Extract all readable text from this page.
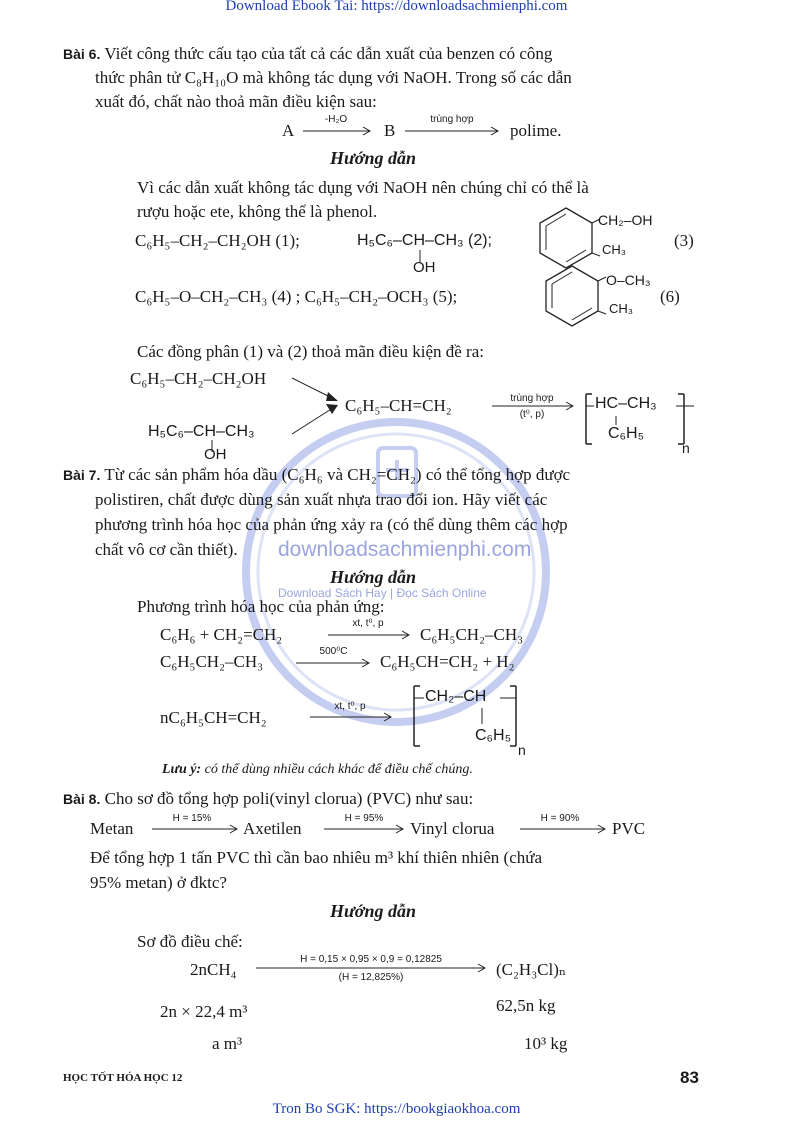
downloadsachmienphi.com
Download Sách Hay | Đọc Sách Online
Download Ebook Tai: https://downloadsachmienphi.com
Bài 6. Viết công thức cấu tạo của tất cả các dẫn xuất của benzen có công
thức phân tử C₈H₁₀O mà không tác dụng với NaOH. Trong số các dẫn
xuất đó, chất nào thoả mãn điều kiện sau:
A
-H₂O
B
trùng hợp
polime.
Hướng dẫn
Vì các dẫn xuất không tác dụng với NaOH nên chúng chỉ có thể là
rượu hoặc ete, không thể là phenol.
C₆H₅–CH₂–CH₂OH (1);	H₅C₆–CH–CH₃ (2);
OH
CH₂–OH
CH₃	(3)
C₆H₅–O–CH₂–CH₃ (4) ; C₆H₅–CH₂–OCH₃ (5);
O–CH₃
CH₃
(6)
Các đồng phân (1) và (2) thoả mãn điều kiện đề ra:
C₆H₅–CH₂–CH₂OH
H₅C₆–CH–CH₃
OH
C₆H₅–CH=CH₂	trùng hợp
(t⁰, p)
HC–CH₃
C₆H₅
n
Bài 7. Từ các sản phẩm hóa dầu (C₆H₆ và CH₂=CH₂) có thể tổng hợp được
polistiren, chất được dùng sản xuất nhựa trao đổi ion. Hãy viết các
phương trình hóa học của phản ứng xảy ra (có thể dùng thêm các hợp
chất vô cơ cần thiết).
Hướng dẫn
Phương trình hóa học của phản ứng:
C₆H₆ + CH₂=CH₂
xt, t⁰, p
C₆H₅CH₂–CH₃
C₆H₅CH₂–CH₃
500⁰C
C₆H₅CH=CH₂ + H₂
nC₆H₅CH=CH₂
xt, t⁰, p
CH₂–CH
C₆H₅
n
Lưu ý: có thể dùng nhiều cách khác để điều chế chúng.
Bài 8. Cho sơ đồ tổng hợp poli(vinyl clorua) (PVC) như sau:
Metan
H = 15%
Axetilen
H = 95%
Vinyl clorua
H = 90%
PVC
Để tổng hợp 1 tấn PVC thì cần bao nhiêu m³ khí thiên nhiên (chứa
95% metan) ở đktc?
Hướng dẫn
Sơ đồ điều chế:
2nCH₄
H = 0,15 × 0,95 × 0,9 = 0,12825
(H = 12,825%)	(C₂H₃Cl)ₙ
2n × 22,4 m³	62,5n kg
a m³	10³ kg
HỌC TỐT HÓA HỌC 12	83
Tron Bo SGK: https://bookgiaokhoa.com
